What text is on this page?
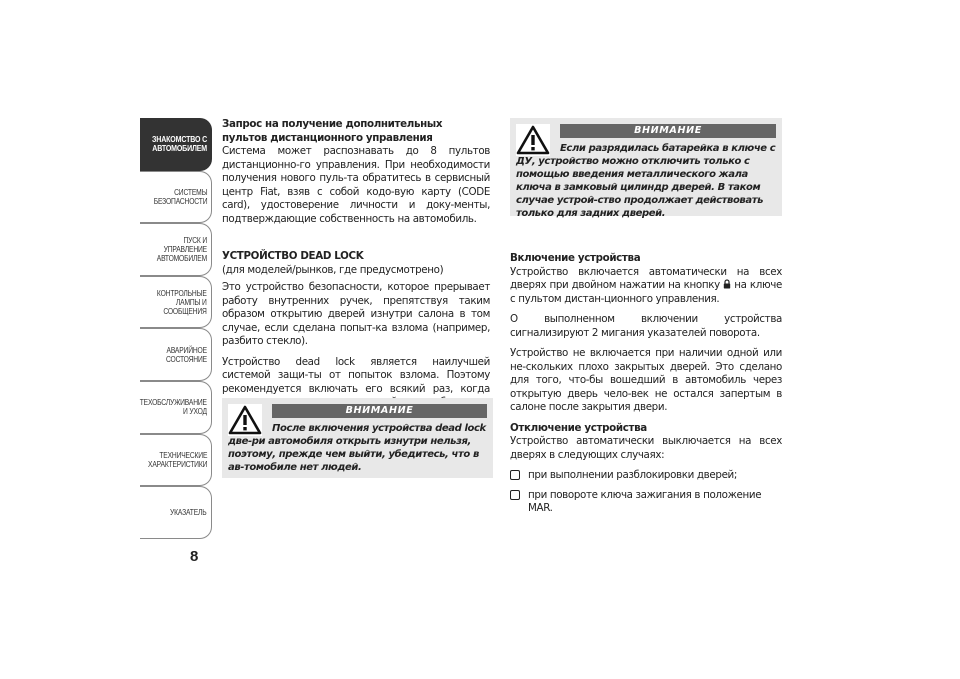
ЗНАКОМСТВО С
АВТОМОБИЛЕМ
СИСТЕМЫ
БЕЗОПАСНОСТИ
ПУСК И УПРАВЛЕНИЕ
АВТОМОБИЛЕМ
КОНТРОЛЬНЫЕ
ЛАМПЫ И
СООБЩЕНИЯ
АВАРИЙНОЕ
СОСТОЯНИЕ
ТЕХОБСЛУЖИВАНИЕ
И УХОД
ТЕХНИЧЕСКИЕ
ХАРАКТЕРИСТИКИ
УКАЗАТЕЛЬ
8
Запрос на получение дополнительных пультов дистанционного управления

Система может распознавать до 8 пультов дистанционно-го управления. При необходимости получения нового пуль-та обратитесь в сервисный центр Fiat, взяв с собой кодо-вую карту (CODE card), удостоверение личности и доку-менты, подтверждающие собственность на автомобиль.

УСТРОЙСТВО DEAD LOCK
(для моделей/рынков, где предусмотрено)

Это устройство безопасности, которое прерывает работу внутренних ручек, препятствуя таким образом открытию дверей изнутри салона в том случае, если сделана попыт-ка взлома (например, разбито стекло).

Устройство dead lock является наилучшей системой защи-ты от попыток взлома. Поэтому рекомендуется включать его всякий раз, когда

ВНИМАНИЕ
После включения устройства dead lock две-ри автомобиля открыть изнутри нельзя, поэтому, прежде чем выйти, убедитесь, что в ав-томобиле нет людей.
ВНИМАНИЕ
Если разрядилась батарейка в ключе с ДУ, устройство можно отключить только с помощью введения металлического жала ключа в замковый цилиндр дверей. В таком случае устрой-ство продолжает действовать только для задних дверей.
Включение устройства

Устройство включается автоматически на всех дверях при двойном нажатии на кнопку на ключе с пультом дистан-ционного управления.

О выполненном включении устройства сигнализируют 2 мигания указателей поворота.

Устройство не включается при наличии одной или не-скольких плохо закрытых дверей. Это сделано для того, что-бы вошедший в автомобиль через открытую дверь чело-век не остался запертым в салоне после закрытия двери.

Отключение устройства

Устройство автоматически выключается на всех дверях в следующих случаях:

при выполнении разблокировки дверей;
при повороте ключа зажигания в положение MAR.
